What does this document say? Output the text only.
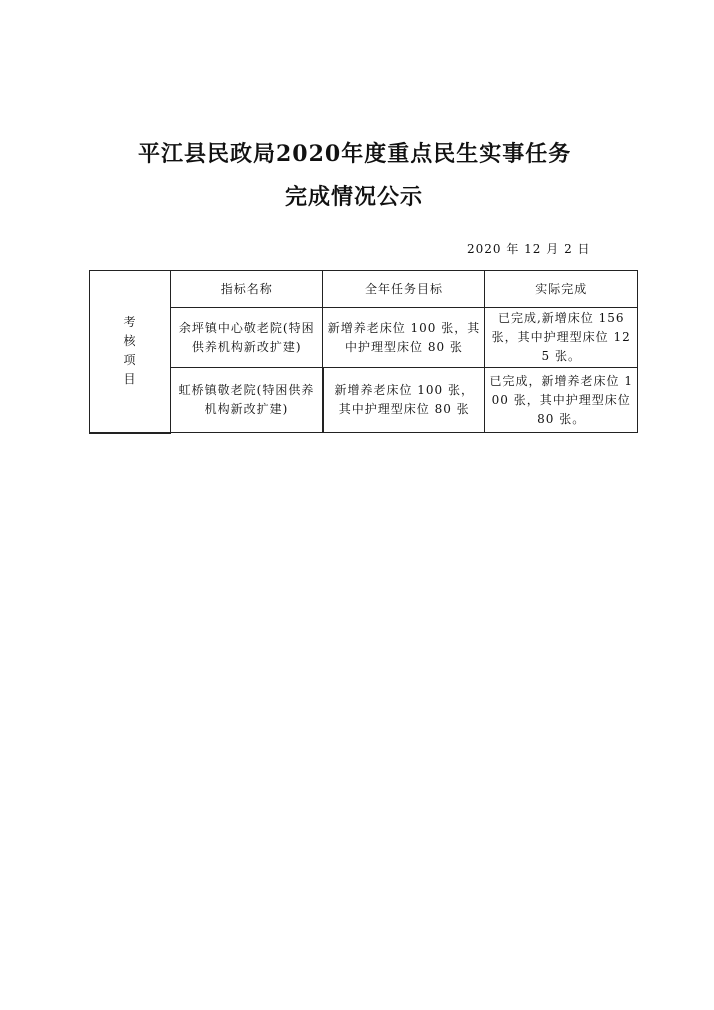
平江县民政局2020年度重点民生实事任务
完成情况公示
2020 年 12 月 2 日
考
核
项
目	指标名称	全年任务目标	实际完成
	余坪镇中心敬老院(特困供养机构新改扩建)	新增养老床位 100 张，其中护理型床位 80 张	已完成,新增床位 156 张，其中护理型床位 125 张。
	虹桥镇敬老院(特困供养机构新改扩建)	新增养老床位 100 张，其中护理型床位 80 张	已完成，新增养老床位 100 张，其中护理型床位 80 张。
